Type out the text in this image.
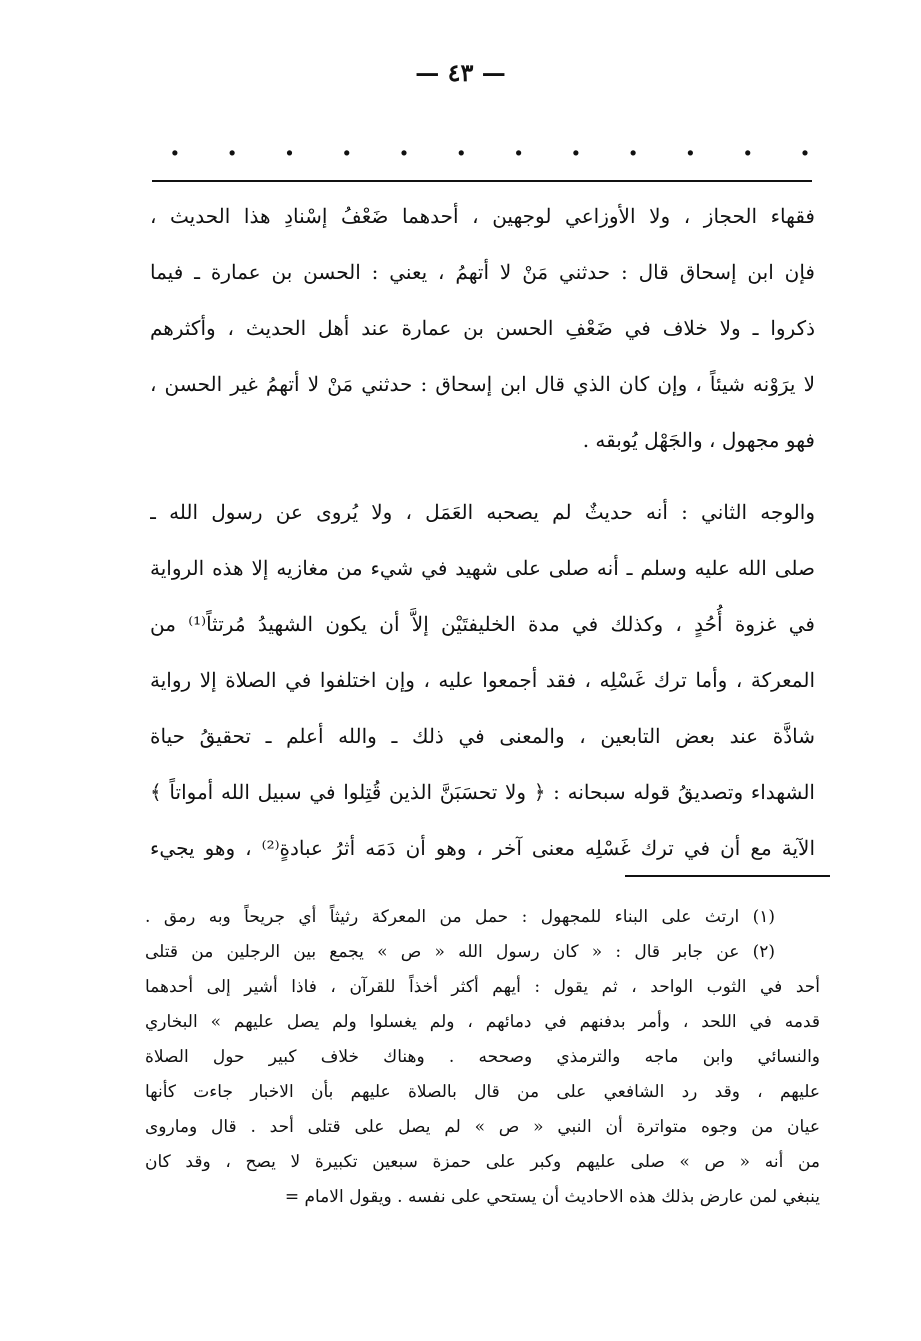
— ٤٣ —
. . . . . . . . . . . .
فقهاء الحجاز ، ولا الأوزاعي لوجهين ، أحدهما ضَعْفُ إسْنادِ هذا الحديث ،
فإن ابن إسحاق قال : حدثني مَنْ لا أتهمُ ، يعني : الحسن بن عمارة ـ فيما
ذكروا ـ ولا خلاف في ضَعْفِ الحسن بن عمارة عند أهل الحديث ، وأكثرهم
لا يرَوْنه شيئاً ، وإن كان الذي قال ابن إسحاق : حدثني مَنْ لا أتهمُ غير الحسن ،
فهو مجهول ، والجَهْل يُوبقه .
والوجه الثاني : أنه حديثٌ لم يصحبه العَمَل ، ولا يُروى عن رسول الله ـ
صلى الله عليه وسلم ـ أنه صلى على شهيد في شيء من مغازيه إلا هذه الرواية
في غزوة أُحُدٍ ، وكذلك في مدة الخليفتَيْن إلاَّ أن يكون الشهيدُ مُرتثاً⁽¹⁾ من
المعركة ، وأما ترك غَسْلِه ، فقد أجمعوا عليه ، وإن اختلفوا في الصلاة إلا رواية
شاذَّة عند بعض التابعين ، والمعنى في ذلك ـ والله أعلم ـ تحقيقُ حياة
الشهداء وتصديقُ قوله سبحانه : ﴿ ولا تحسَبَنَّ الذين قُتِلوا في سبيل الله أمواتاً ﴾
الآية مع أن في ترك غَسْلِه معنى آخر ، وهو أن دَمَه أثرُ عبادةٍ⁽²⁾ ، وهو يجيء
(١) ارتث على البناء للمجهول : حمل من المعركة رثيثاً أي جريحاً وبه رمق .
(٢) عن جابر قال : « كان رسول الله « ص » يجمع بين الرجلين من قتلى
أحد في الثوب الواحد ، ثم يقول : أيهم أكثر أخذاً للقرآن ، فاذا أشير إلى أحدهما
قدمه في اللحد ، وأمر بدفنهم في دمائهم ، ولم يغسلوا ولم يصل عليهم » البخاري
والنسائي وابن ماجه والترمذي وصححه . وهناك خلاف كبير حول الصلاة
عليهم ، وقد رد الشافعي على من قال بالصلاة عليهم بأن الاخبار جاءت كأنها
عيان من وجوه متواترة أن النبي « ص » لم يصل على قتلى أحد . قال وماروى
من أنه « ص » صلى عليهم وكبر على حمزة سبعين تكبيرة لا يصح ، وقد كان
ينبغي لمن عارض بذلك هذه الاحاديث أن يستحي على نفسه . ويقول الامام =
